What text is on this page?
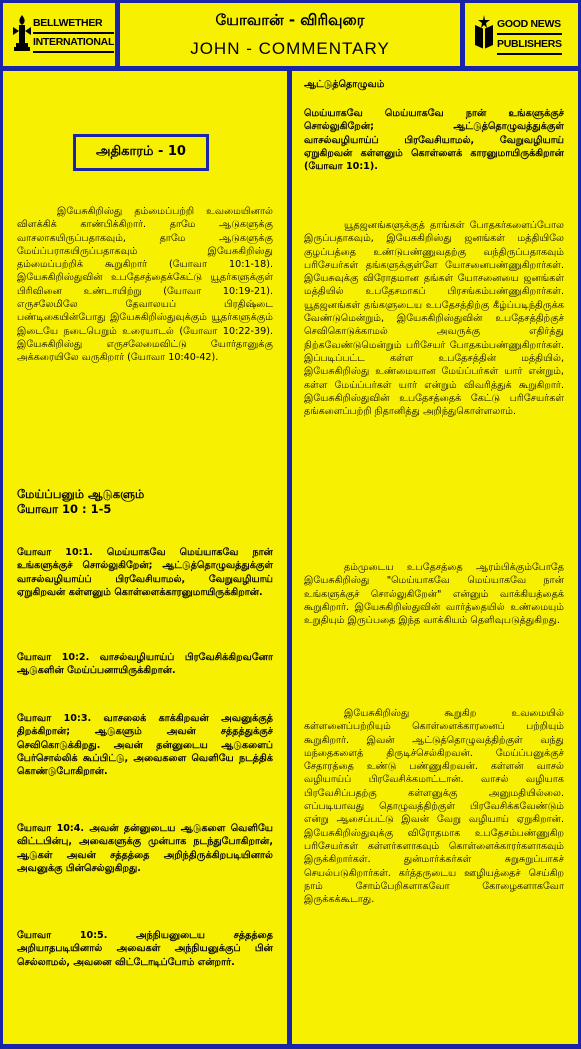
BELLWETHER
INTERNATIONAL
யோவான் - விரிவுரை
JOHN - COMMENTARY
GOOD NEWS
PUBLISHERS
அதிகாரம் - 10

இயேசுகிறிஸ்து தம்மைப்பற்றி உவமையினால் விளக்கிக் காண்பிக்கிறார். தாமே ஆடுகளுக்கு வாசலாகயிருப்பதாகவும், தாமே ஆடுகளுக்கு மேய்ப்பராகயிருப்பதாகவும் இயேசுகிறிஸ்து தம்மைப்பற்றிக் கூறுகிறார் (யோவா 10:1-18). இயேசுகிறிஸ்துவின் உபதேசத்தைக்கேட்டு யூதர்களுக்குள் பிரிவினை உண்டாயிற்று (யோவா 10:19-21). எருசலேமிலே தேவாலயப் பிரதிஷ்டை பண்டிகையின்போது இயேசுகிறிஸ்துவுக்கும் யூதர்களுக்கும் இடையே நடைபெறும் உரையாடல் (யோவா 10:22-39). இயேசுகிறிஸ்து எருசலேமைவிட்டு யோர்தானுக்கு அக்கரையிலே வருகிறார் (யோவா 10:40-42).

மேய்ப்பனும் ஆடுகளும்

யோவா 10 : 1-5

யோவா 10:1. மெய்யாகவே மெய்யாகவே நான் உங்களுக்குச் சொல்லுகிறேன்; ஆட்டுத்தொழுவத்துக்குள் வாசல்வழியாய்ப் பிரவேசியாமல், வேறுவழியாய் ஏறுகிறவன் கள்ளனும் கொள்ளைக்காரனுமாயிருக்கிறான்.

யோவா 10:2. வாசல்வழியாய்ப் பிரவேசிக்கிறவனோ ஆடுகளின் மேய்ப்பனாயிருக்கிறான்.

யோவா 10:3. வாசலைக் காக்கிறவன் அவனுக்குத் திறக்கிறான்; ஆடுகளும் அவன் சத்தத்துக்குச் செவிகொடுக்கிறது. அவன் தன்னுடைய ஆடுகளைப் பேர்சொல்லிக் கூப்பிட்டு, அவைகளை வெளியே நடத்திக் கொண்டுபோகிறான்.

யோவா 10:4. அவன் தன்னுடைய ஆடுகளை வெளியே விட்டபின்பு, அவைகளுக்கு முன்பாக நடந்துபோகிறான், ஆடுகள் அவன் சத்தத்தை அறிந்திருக்கிறபடியினால் அவனுக்கு பின்செல்லுகிறது.

யோவா 10:5. அந்நியனுடைய சத்தத்தை அறியாதபடியினால் அவைகள் அந்நியனுக்குப் பின் செல்லாமல், அவனை விட்டோடிப்போம் என்றார்.

ஆட்டுத்தொழுவம்

மெய்யாகவே மெய்யாகவே நான் உங்களுக்குச் சொல்லுகிறேன்; ஆட்டுத்தொழுவத்துக்குள் வாசல்வழியாய்ப் பிரவேசியாமல், வேறுவழியாய் ஏறுகிறவன் கள்ளனும் கொள்ளைக் காரனுமாயிருக்கிறான் (யோவா 10:1).

யூதஜனங்களுக்குத் தாங்கள் போதகர்களைப்போல இருப்பதாகவும், இயேசுகிறிஸ்து ஜனங்கள் மத்தியிலே குழப்பத்தை உண்டுபண்ணுவதற்கு வந்திருப்பதாகவும் பரிசேயர்கள் தங்களுக்குள்ளே யோசனைபண்ணுகிறார்கள். இயேசுவுக்கு விரோதமான தங்கள் யோசனையை ஜனங்கள் மத்தியில் உபதேசமாகப் பிரசங்கம்பண்ணுகிறார்கள். யூதஜனங்கள் தங்களுடைய உபதேசத்திற்கு கீழ்ப்படிந்திருக்க வேண்டுமென்றும், இயேசுகிறிஸ்துவின் உபதேசத்திற்குச் செவிகொடுக்காமல் அவருக்கு எதிர்த்து நிற்கவேண்டுமென்றும் பரிசேயர் போதகம்பண்ணுகிறார்கள். இப்படிப்பட்ட கள்ள உபதேசத்தின் மத்தியில், இயேசுகிறிஸ்து உண்மையான மேய்ப்பர்கள் யார் என்றும், கள்ள மேய்ப்பர்கள் யார் என்றும் விவரித்துக் கூறுகிறார். இயேசுகிறிஸ்துவின் உபதேசத்தைக் கேட்டு பரிசேயர்கள் தங்களைப்பற்றி நிதானித்து அறிந்துகொள்ளலாம்.

தம்முடைய உபதேசத்தை ஆரம்பிக்கும்போதே இயேசுகிறிஸ்து "மெய்யாகவே மெய்யாகவே நான் உங்களுக்குச் சொல்லுகிறேன்" என்னும் வாக்கியத்தைக் கூறுகிறார். இயேசுகிறிஸ்துவின் வார்த்தையில் உண்மையும் உறுதியும் இருப்பதை இந்த வாக்கியம் தெளிவுபடுத்துகிறது.

இயேசுகிறிஸ்து கூறுகிற உவமையில் கள்ளனைப்பற்றியும் கொள்ளைக்காரனைப் பற்றியும் கூறுகிறார். இவன் ஆட்டுத்தொழுவத்திற்குள் வந்து மந்தைகளைத் திருடிச்செல்கிறவன். மேய்ப்பனுக்குச் சேதாரத்தை உண்டு பண்ணுகிறவன். கள்ளன் வாசல் வழியாய்ப் பிரவேசிக்கமாட்டான். வாசல் வழியாக பிரவேசிப்பதற்கு கள்ளனுக்கு அனுமதியில்லை. எப்படியாவது தொழுவத்திற்குள் பிரவேசிக்கவேண்டும் என்று ஆசைப்பட்டு இவன் வேறு வழியாய் ஏறுகிறான். இயேசுகிறிஸ்துவுக்கு விரோதமாக உபதேசம்பண்ணுகிற பரிசேயர்கள் கள்ளர்களாகவும் கொள்ளைக்காரர்களாகவும் இருக்கிறார்கள். துன்மார்க்கர்கள் சுறுசுறுப்பாகச் செயல்படுகிறார்கள். கர்த்தருடைய ஊழியத்தைச் செய்கிற நாம் சோம்பேறிகளாகவோ கோழைகளாகவோ இருக்கக்கூடாது.
